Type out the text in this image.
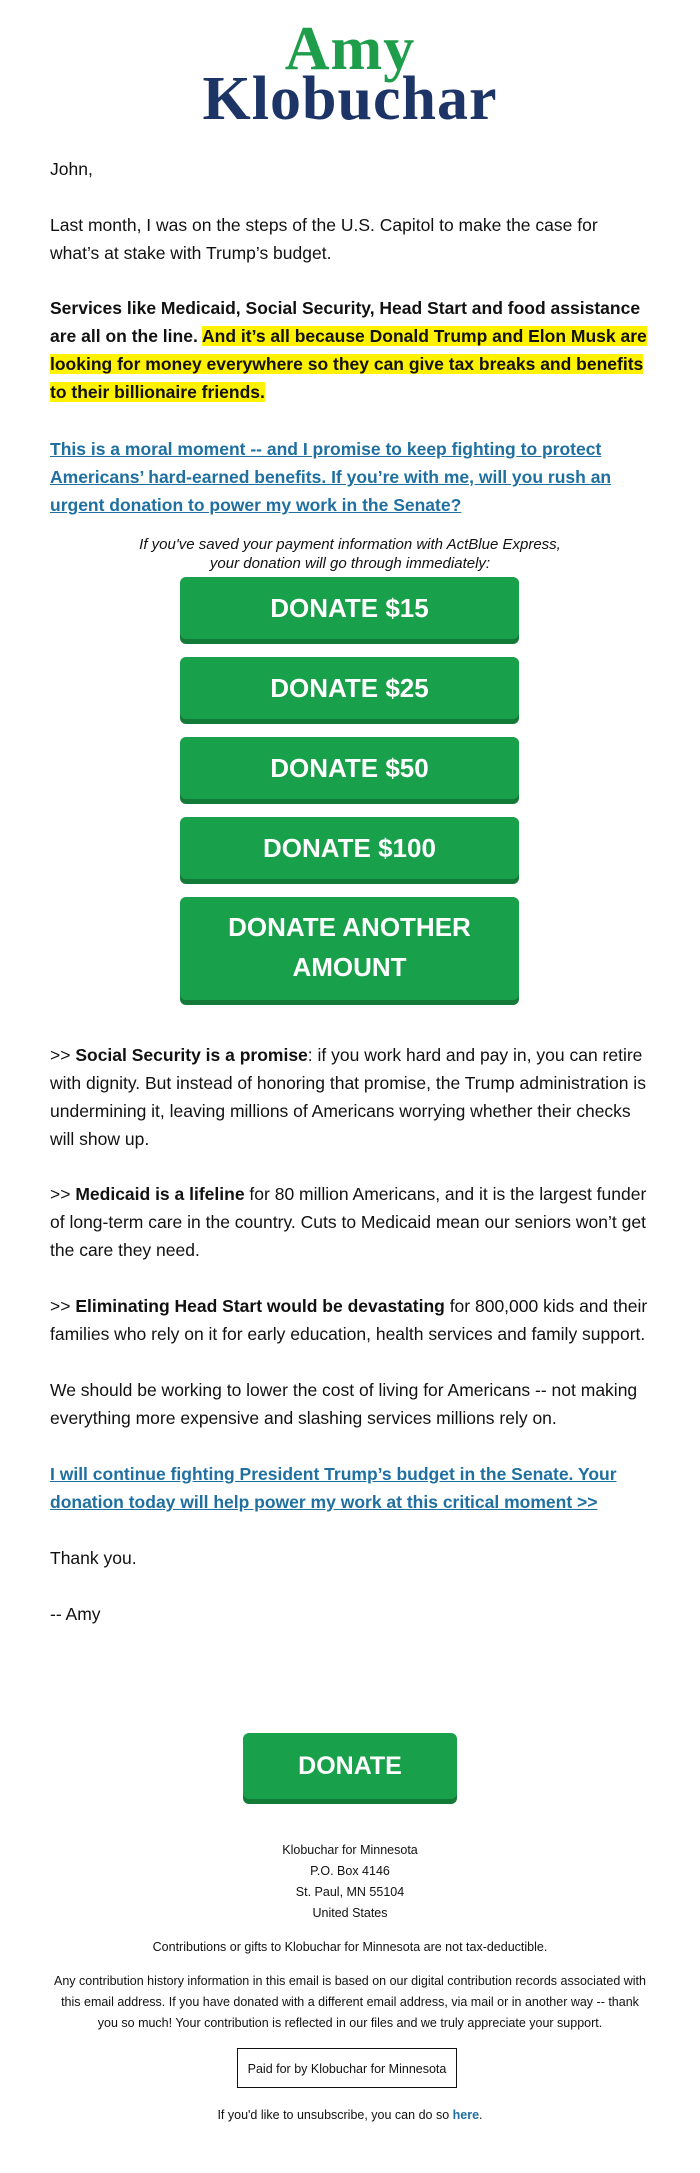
Amy
Klobuchar

John,

Last month, I was on the steps of the U.S. Capitol to make the case for what’s at stake with Trump’s budget.

Services like Medicaid, Social Security, Head Start and food assistance are all on the line. And it’s all because Donald Trump and Elon Musk are looking for money everywhere so they can give tax breaks and benefits to their billionaire friends.

This is a moral moment -- and I promise to keep fighting to protect Americans’ hard-earned benefits. If you’re with me, will you rush an urgent donation to power my work in the Senate?

If you've saved your payment information with ActBlue Express,
your donation will go through immediately:
DONATE $15
DONATE $25
DONATE $50
DONATE $100
DONATE ANOTHER
AMOUNT

>> Social Security is a promise: if you work hard and pay in, you can retire with dignity. But instead of honoring that promise, the Trump administration is undermining it, leaving millions of Americans worrying whether their checks will show up.

>> Medicaid is a lifeline for 80 million Americans, and it is the largest funder of long-term care in the country. Cuts to Medicaid mean our seniors won’t get the care they need.

>> Eliminating Head Start would be devastating for 800,000 kids and their families who rely on it for early education, health services and family support.

We should be working to lower the cost of living for Americans -- not making everything more expensive and slashing services millions rely on.

I will continue fighting President Trump’s budget in the Senate. Your donation today will help power my work at this critical moment >>

Thank you.

-- Amy

DONATE
Klobuchar for Minnesota
P.O. Box 4146
St. Paul, MN 55104
United States
Contributions or gifts to Klobuchar for Minnesota are not tax-deductible.
Any contribution history information in this email is based on our digital contribution records associated with this email address. If you have donated with a different email address, via mail or in another way -- thank you so much! Your contribution is reflected in our files and we truly appreciate your support.
Paid for by Klobuchar for Minnesota
If you'd like to unsubscribe, you can do so here.
